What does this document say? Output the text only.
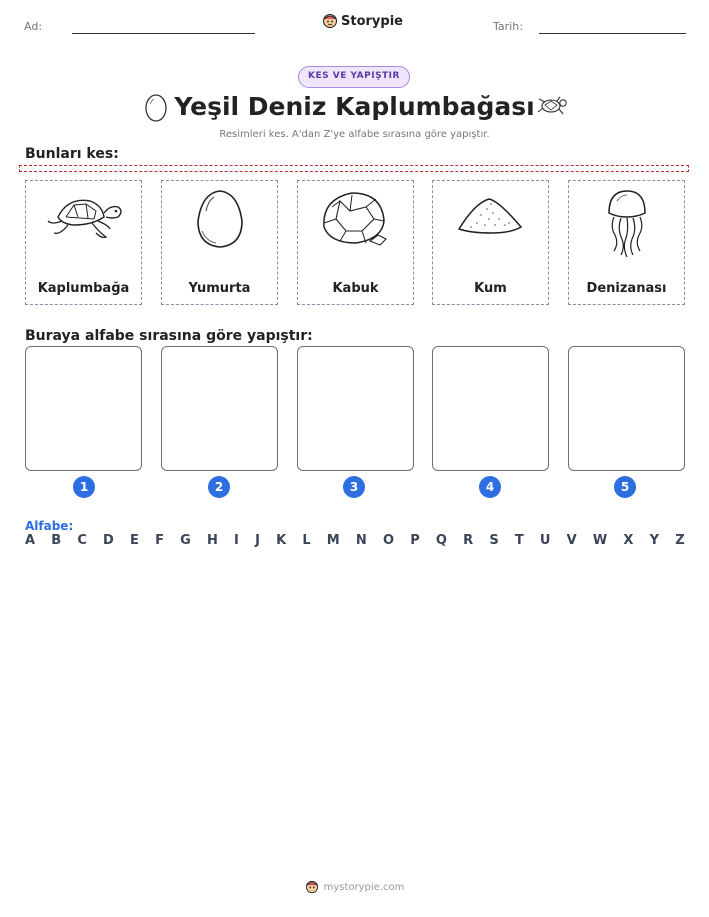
Ad:	Storypie	Tarih:
KES VE YAPIŞTIR
Yeşil Deniz Kaplumbağası
Resimleri kes. A'dan Z'ye alfabe sırasına göre yapıştır.
Bunları kes:
Kaplumbağa	Yumurta	Kabuk	Kum	Denizanası
Buraya alfabe sırasına göre yapıştır:
1	2	3	4	5
Alfabe:
A B C D E F G H I J K L M N O P Q R S T U V W X Y Z
mystorypie.com
